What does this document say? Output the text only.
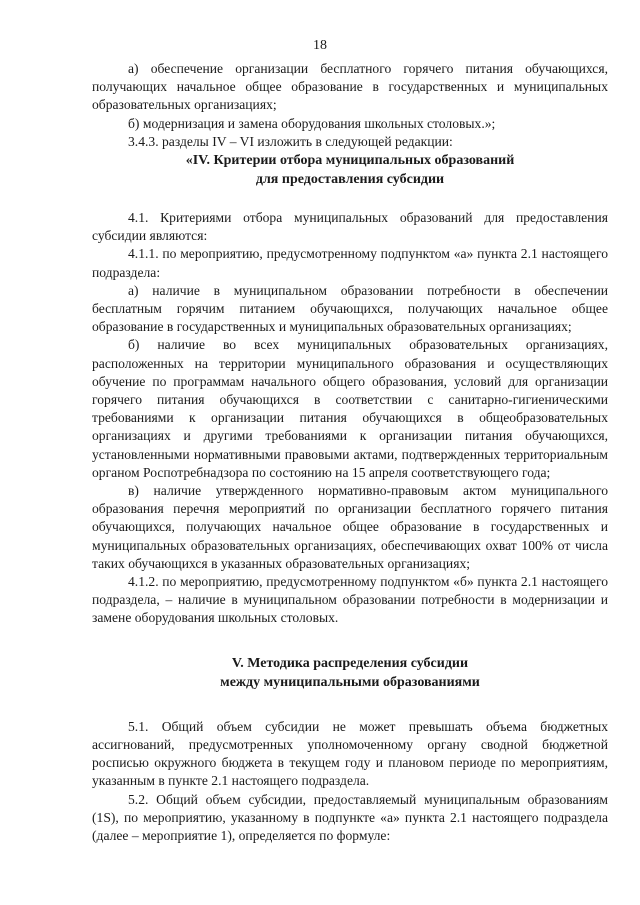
18

а) обеспечение организации бесплатного горячего питания обучающихся, получающих начальное общее образование в государственных и муниципальных образовательных организациях;

б) модернизация и замена оборудования школьных столовых.»;

3.4.3. разделы IV – VI изложить в следующей редакции:

«IV. Критерии отбора муниципальных образований

для предоставления субсидии

4.1. Критериями отбора муниципальных образований для предоставления субсидии являются:

4.1.1. по мероприятию, предусмотренному подпунктом «а» пункта 2.1 настоящего подраздела:

а) наличие в муниципальном образовании потребности в обеспечении бесплатным горячим питанием обучающихся, получающих начальное общее образование в государственных и муниципальных образовательных организациях;

б) наличие во всех муниципальных образовательных организациях, расположенных на территории муниципального образования и осуществляющих обучение по программам начального общего образования, условий для организации горячего питания обучающихся в соответствии с санитарно-гигиеническими требованиями к организации питания обучающихся в общеобразовательных организациях и другими требованиями к организации питания обучающихся, установленными нормативными правовыми актами, подтвержденных территориальным органом Роспотребнадзора по состоянию на 15 апреля соответствующего года;

в) наличие утвержденного нормативно-правовым актом муниципального образования перечня мероприятий по организации бесплатного горячего питания обучающихся, получающих начальное общее образование в государственных и муниципальных образовательных организациях, обеспечивающих охват 100% от числа таких обучающихся в указанных образовательных организациях;

4.1.2. по мероприятию, предусмотренному подпунктом «б» пункта 2.1 настоящего подраздела, – наличие в муниципальном образовании потребности в модернизации и замене оборудования школьных столовых.

V. Методика распределения субсидии

между муниципальными образованиями

5.1. Общий объем субсидии не может превышать объема бюджетных ассигнований, предусмотренных уполномоченному органу сводной бюджетной росписью окружного бюджета в текущем году и плановом периоде по мероприятиям, указанным в пункте 2.1 настоящего подраздела.

5.2. Общий объем субсидии, предоставляемый муниципальным образованиям (1S), по мероприятию, указанному в подпункте «а» пункта 2.1 настоящего подраздела (далее – мероприятие 1), определяется по формуле:
